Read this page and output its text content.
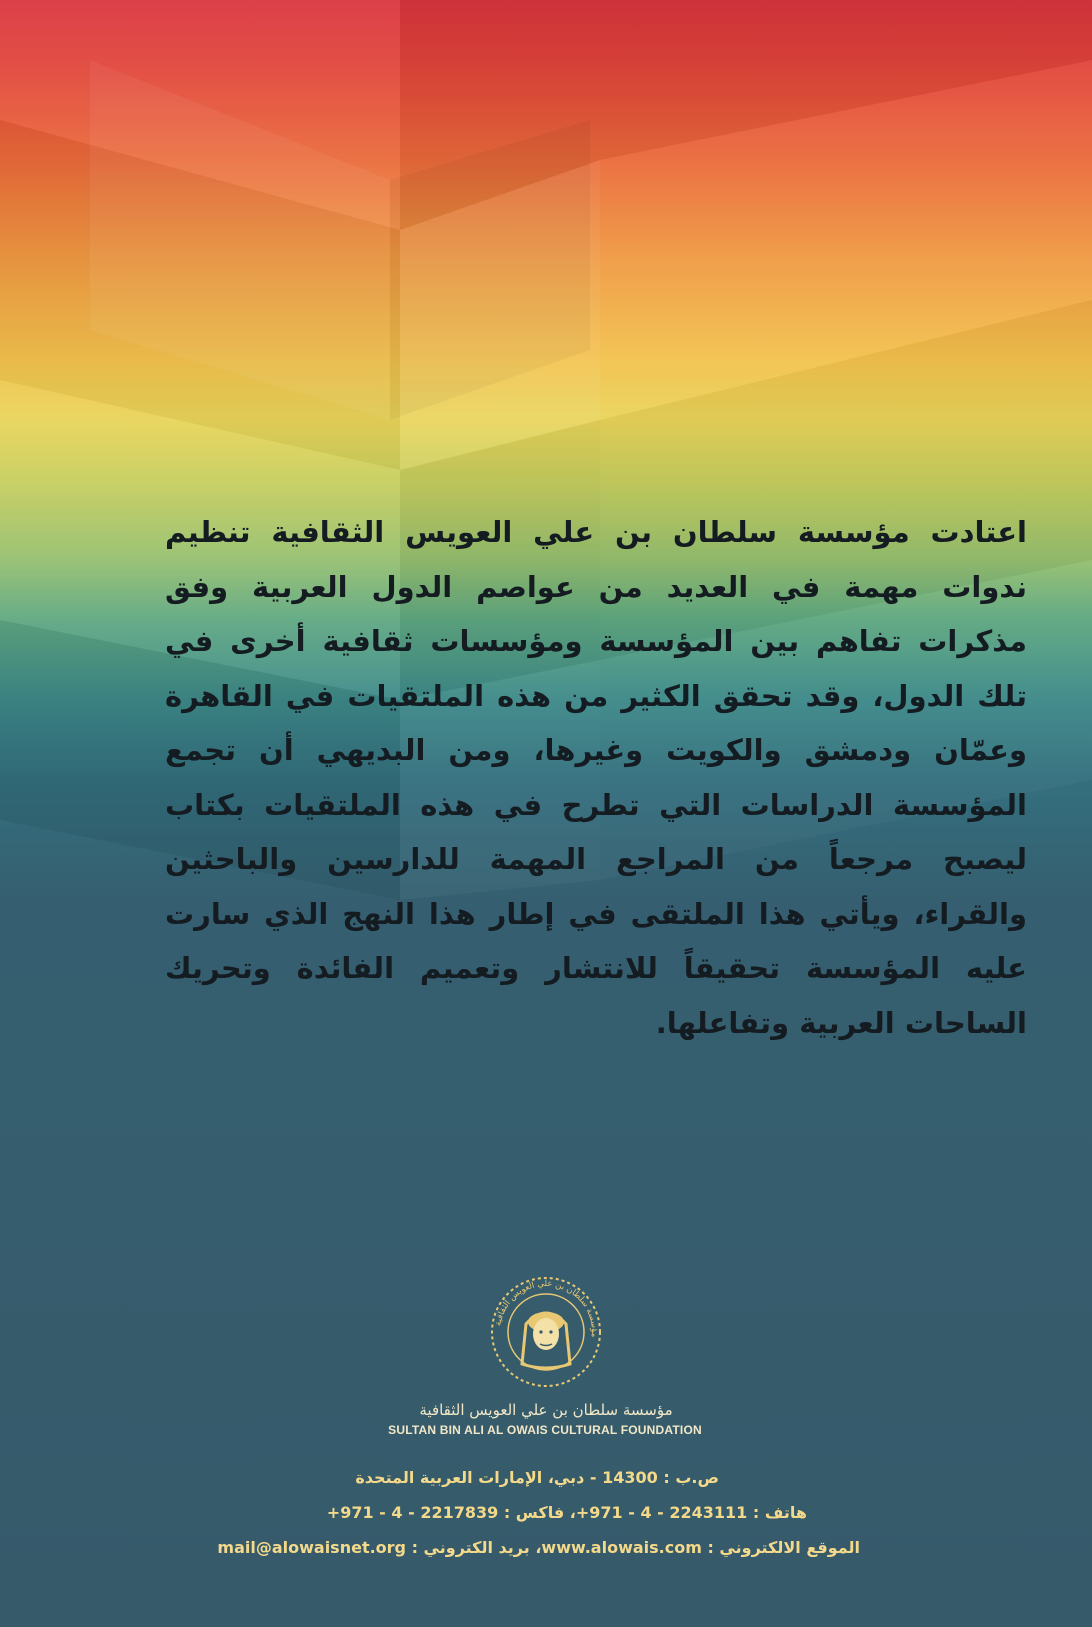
اعتادت مؤسسة سلطان بن علي العويس الثقافية تنظيم ندوات مهمة في العديد من عواصم الدول العربية وفق مذكرات تفاهم بين المؤسسة ومؤسسات ثقافية أخرى في تلك الدول، وقد تحقق الكثير من هذه الملتقيات في القاهرة وعمّان ودمشق والكويت وغيرها، ومن البديهي أن تجمع المؤسسة الدراسات التي تطرح في هذه الملتقيات بكتاب ليصبح مرجعاً من المراجع المهمة للدارسين والباحثين والقراء، ويأتي هذا الملتقى في إطار هذا النهج الذي سارت عليه المؤسسة تحقيقاً للانتشار وتعميم الفائدة وتحريك الساحات العربية وتفاعلها.
مؤسسة سلطان بن علي العويس الثقافية
مؤسسة سلطان بن علي العويس الثقافية
SULTAN BIN ALI AL OWAIS CULTURAL FOUNDATION
ص.ب : 14300 - دبي، الإمارات العربية المتحدة
هاتف : 2243111 - 4 - 971+، فاكس : 2217839 - 4 - 971+
الموقع الالكتروني : www.alowais.com، بريد الكتروني : mail@alowaisnet.org
